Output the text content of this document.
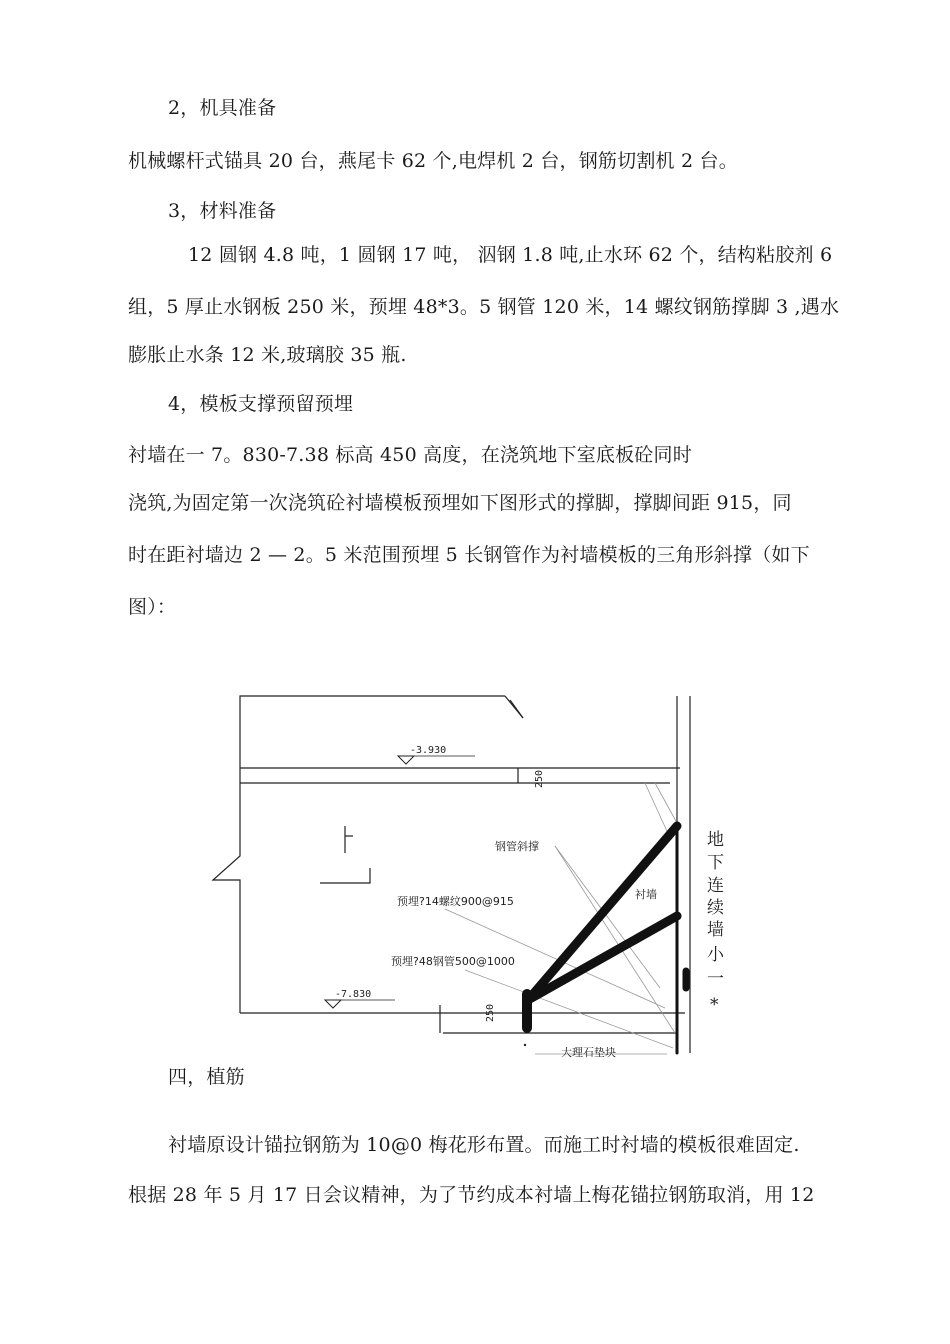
2，机具准备
机械螺杆式锚具 20 台，燕尾卡 62 个,电焊机 2 台，钢筋切割机 2 台。
3，材料准备
12 圆钢 4.8 吨，1 圆钢 17 吨， 泅钢 1.8 吨,止水环 62 个，结构粘胶剂 6
组，5 厚止水钢板 250 米，预埋 48*3。5 钢管 120 米，14 螺纹钢筋撑脚 3 ,遇水
膨胀止水条 12 米,玻璃胶 35 瓶.
4，模板支撑预留预埋
衬墙在一 7。830-7.38 标高 450 高度，在浇筑地下室底板砼同时
浇筑,为固定第一次浇筑砼衬墙模板预埋如下图形式的撑脚，撑脚间距 915，同
时在距衬墙边 2 — 2。5 米范围预埋 5 长钢管作为衬墙模板的三角形斜撑（如下
图）：
-3.930
-7.830
250
250
钢管斜撑
衬墙
预埋?14螺纹900@915
预埋?48钢管500@1000
大理石垫块
地
下
连
续
墙
小
一
*
四，植筋
衬墙原设计锚拉钢筋为 10@0 梅花形布置。而施工时衬墙的模板很难固定.
根据 28 年 5 月 17 日会议精神，为了节约成本衬墙上梅花锚拉钢筋取消，用 12
